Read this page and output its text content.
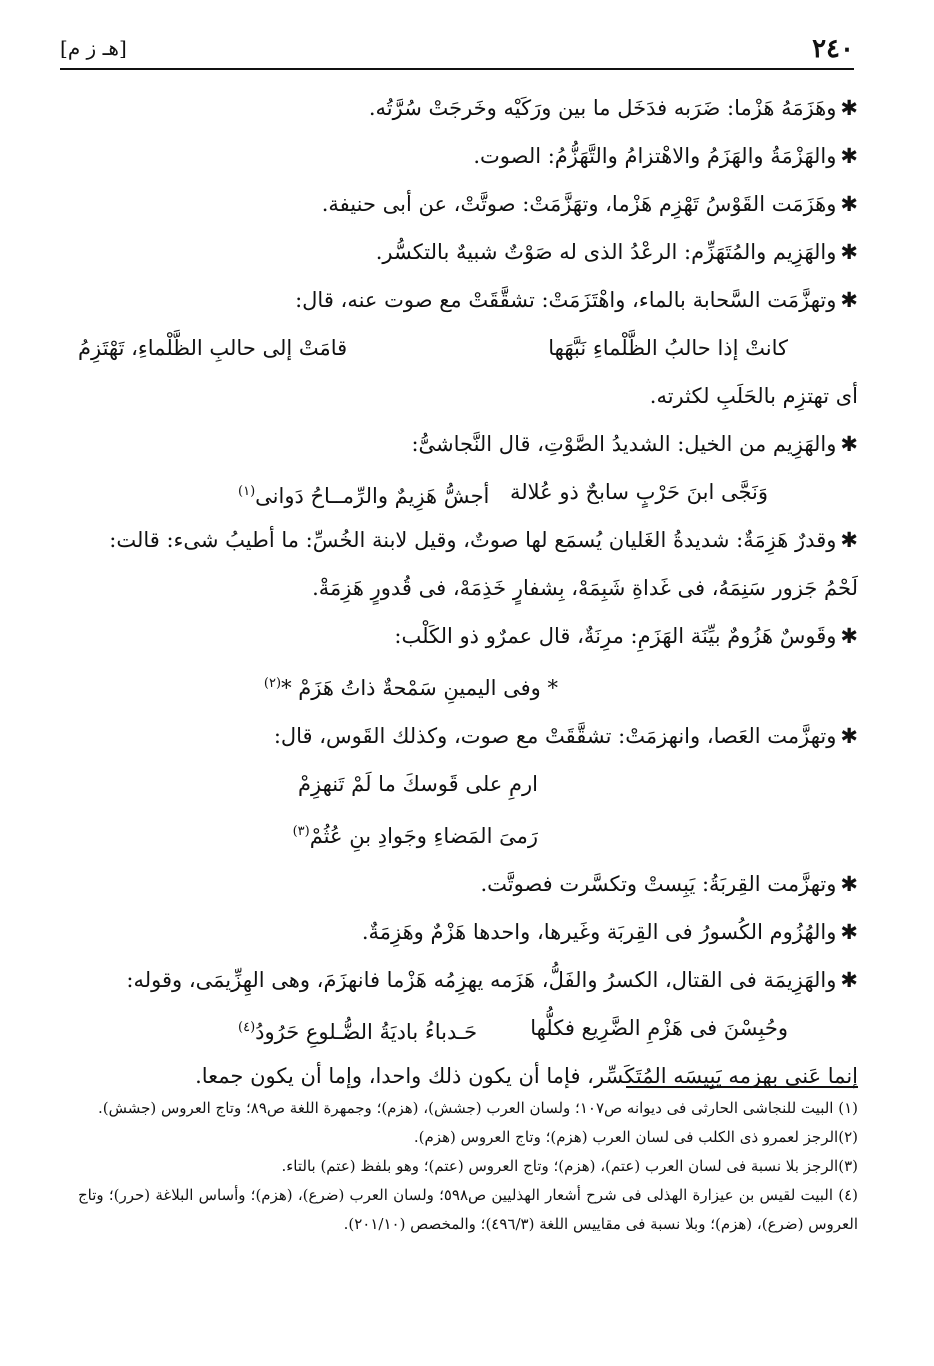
٢٤٠
[هـ ز م]

✱وهَزَمَهُ هَزْما: ضَرَبه فدَخَل ما بين ورَكَيْه وخَرجَتْ سُرَّتُه.

✱والهَزْمَةُ والهَزَمُ والاهْتزامُ والتَّهَزُّمُ: الصوت.

✱وهَزَمَت القَوْسُ تَهْزِم هَزْما، وتهَزَّمَتْ: صوتَّتْ، عن أبى حنيفة.

✱والهَزِيم والمُتَهَزِّم: الرعْدُ الذى له صَوْتٌ شبيهٌ بالتكسُّر.

✱وتهزَّمَت السَّحابة بالماء، واهْتَزَمَتْ: تشقَّقَتْ مع صوت عنه، قال:

كانتْ إذا حالبُ الظَّلْماءِ نَبَّهَها
قامَتْ إلى حالبِ الظَّلْماءِ، تَهْتَزِمُ

أى تهتزِم بالحَلَبِ لكثرته.

✱والهَزِيم من الخيل: الشديدُ الصَّوْتِ، قال النَّجاشىُّ:

وَنَجَّى ابنَ حَرْبٍ سابحٌ ذو عُلالة
أجشُّ هَزِيمٌ والرِّمــاحُ دَوانى$^{(١)}$

✱وقدرٌ هَزِمَةٌ: شديدةُ الغَليان يُسمَع لها صوتٌ، وقيل لابنة الخُسِّ: ما أطيبُ شىء: قالت: لَحْمُ جَزور سَنِمَهُ، فى غَداةِ شَبِمَهْ، بِشفارٍ خَذِمَهْ، فى قُدورٍ هَزِمَةْ.

✱وقَوسٌ هَزُومٌ بيِّنَة الهَزَمِ: مرِنَةٌ، قال عمرٌو ذو الكَلْب:

* وفى اليمينِ سَمْحةٌ ذاتُ هَزَمْ *$^{(٢)}$

✱وتهزَّمت العَصا، وانهزمَتْ: تشقَّقَتْ مع صوت، وكذلك القَوس، قال:

ارمِ على قَوسكَ ما لَمْ تَنهزِمْ

رَمىَ المَضاءِ وجَوادِ بنِ عُثُمْ$^{(٣)}$

✱وتهزَّمت القِربَةُ: يَبِستْ وتكسَّرت فصوتَّت.

✱والهُزُوم الكُسورُ فى القِربَة وغَيرها، واحدها هَزْمٌ وهَزِمَةٌ.

✱والهَزِيمَة فى القتال، الكسرُ والفَلُّ، هَزَمه يهزِمُه هَزْما فانهزَمَ، وهى الهِزِّيمَى، وقوله:

وحُبِسْنَ فى هَزْمِ الضَّرِيع فكلُّها
حَـدباءُ باديَةُ الضُّـلوعِ حَرُودُ$^{(٤)}$

إنما عَنى بهزمه يَبِيسَه المُتَكَسِّر، فإما أن يكون ذلك واحدا، وإما أن يكون جمعا.

(١) البيت للنجاشى الحارثى فى ديوانه ص١٠٧؛ ولسان العرب (جشش)، (هزم)؛ وجمهرة اللغة ص٨٩؛ وتاج العروس (جشش).

(٢)الرجز لعمرو ذى الكلب فى لسان العرب (هزم)؛ وتاج العروس (هزم).

(٣)الرجز بلا نسبة فى لسان العرب (عتم)، (هزم)؛ وتاج العروس (عتم)؛ وهو بلفظ (عتم) بالتاء.

(٤) البيت لقيس بن عيزارة الهذلى فى شرح أشعار الهذليين ص٥٩٨؛ ولسان العرب (ضرع)، (هزم)؛ وأساس البلاغة (حرر)؛ وتاج العروس (ضرع)، (هزم)؛ وبلا نسبة فى مقاييس اللغة (٤٩٦/٣)؛ والمخصص (٢٠١/١٠).
